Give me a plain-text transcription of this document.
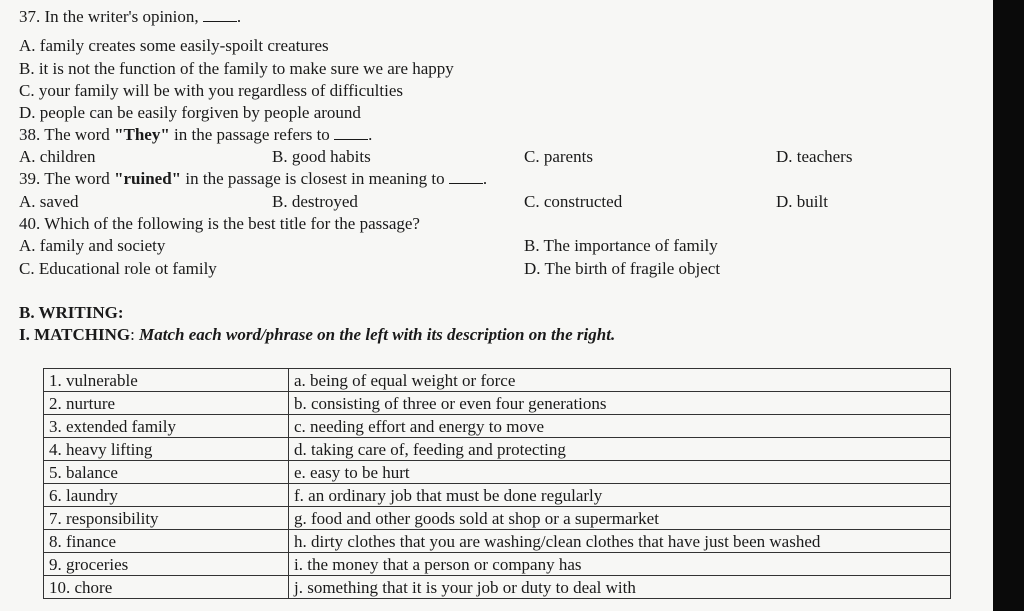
37. In the writer's opinion, .
A. family creates some easily-spoilt creatures
B. it is not the function of the family to make sure we are happy
C. your family will be with you regardless of difficulties
D. people can be easily forgiven by people around
38. The word "They" in the passage refers to .
A. children	B. good habits	C. parents	D. teachers
39. The word "ruined" in the passage is closest in meaning to .
A. saved	B. destroyed	C. constructed	D. built
40. Which of the following is the best title for the passage?
A. family and society	B. The importance of family
C. Educational role ot family	D. The birth of fragile object
B. WRITING:
I. MATCHING: Match each word/phrase on the left with its description on the right.
1. vulnerable	a. being of equal weight or force
2. nurture	b. consisting of three or even four generations
3. extended family	c. needing effort and energy to move
4. heavy lifting	d. taking care of, feeding and protecting
5. balance	e. easy to be hurt
6. laundry	f. an ordinary job that must be done regularly
7. responsibility	g. food and other goods sold at shop or a supermarket
8. finance	h. dirty clothes that you are washing/clean clothes that have just been washed
9. groceries	i. the money that a person or company has
10. chore	j. something that it is your job or duty to deal with
